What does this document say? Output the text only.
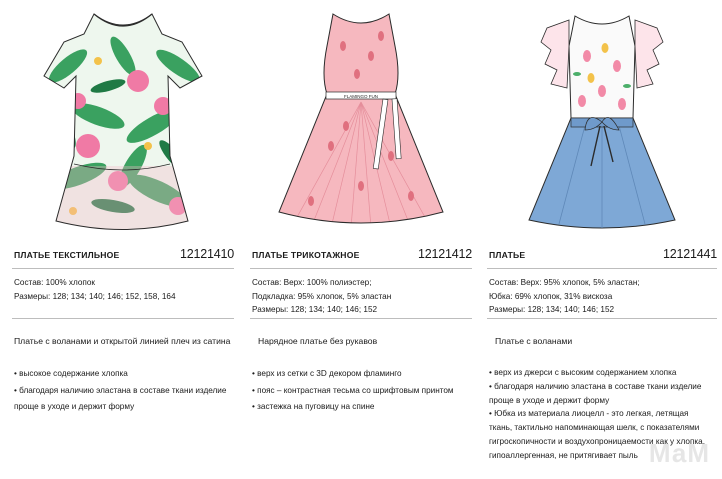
ПЛАТЬЕ ТЕКСТИЛЬНОЕ	12121410
Состав: 100% хлопок
Размеры: 128; 134; 140; 146; 152, 158, 164
Платье с воланами и открытой линией плеч из сатина
• высокое содержание хлопка
• благодаря наличию эластана в составе ткани изделие
проще в уходе и держит форму
FLAMINGO FUN
ПЛАТЬЕ ТРИКОТАЖНОЕ	12121412
Состав: Верх: 100% полиэстер;
Подкладка: 95% хлопок, 5% эластан
Размеры: 128; 134; 140; 146; 152
Нарядное платье без рукавов
• верх из сетки с 3D декором фламинго
• пояс – контрастная тесьма со шрифтовым принтом
• застежка на пуговицу на спине
ПЛАТЬЕ	12121441
Состав: Верх: 95% хлопок, 5% эластан;
Юбка: 69% хлопок, 31% вискоза
Размеры: 128; 134; 140; 146; 152
Платье с воланами
• верх из джерси с высоким содержанием хлопка
• благодаря наличию эластана в составе ткани изделие
проще в уходе и держит форму
• Юбка из материала лиоцелл - это легкая, летящая
ткань, тактильно напоминающая шелк, с показателями
гигроскопичности и воздухопроницаемости как у хлопка,
гипоаллергенная, не притягивает пыль МаМ
